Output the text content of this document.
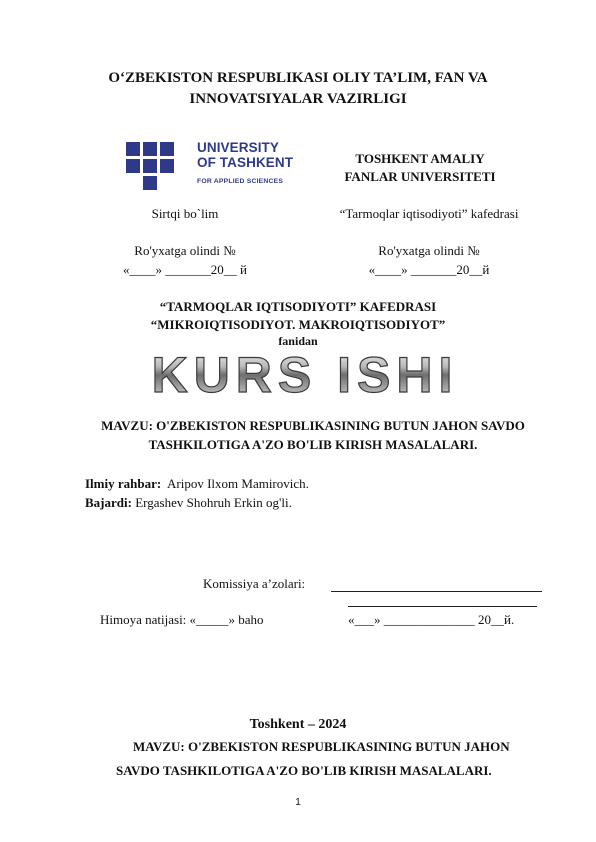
O‘ZBEKISTON RESPUBLIKASI OLIY TA’LIM, FAN VA
INNOVATSIYALAR VAZIRLIGI
UNIVERSITY
OF TASHKENT
FOR APPLIED SCIENCES
TOSHKENT AMALIY
FANLAR UNIVERSITETI
Sirtqi bo`lim
Ro'yxatga olindi №
«____» _______20__ й
“Tarmoqlar iqtisodiyoti” kafedrasi
Ro'yxatga olindi №
«____» _______20__й
“TARMOQLAR IQTISODIYOTI” KAFEDRASI
“MIKROIQTISODIYOT. MAKROIQTISODIYOT”
fanidan
KURS ISHI
MAVZU: O'ZBEKISTON RESPUBLIKASINING BUTUN JAHON SAVDO
TASHKILOTIGA A'ZO BO'LIB KIRISH MASALALARI.
Ilmiy rahbar: Aripov Ilxom Mamirovich.
Bajardi: Ergashev Shohruh Erkin og'li.
Komissiya a’zolari:
Himoya natijasi: «_____» baho	«___» ______________ 20__й.
Toshkent – 2024
MAVZU: O'ZBEKISTON RESPUBLIKASINING BUTUN JAHON
SAVDO TASHKILOTIGA A'ZO BO'LIB KIRISH MASALALARI.
1
